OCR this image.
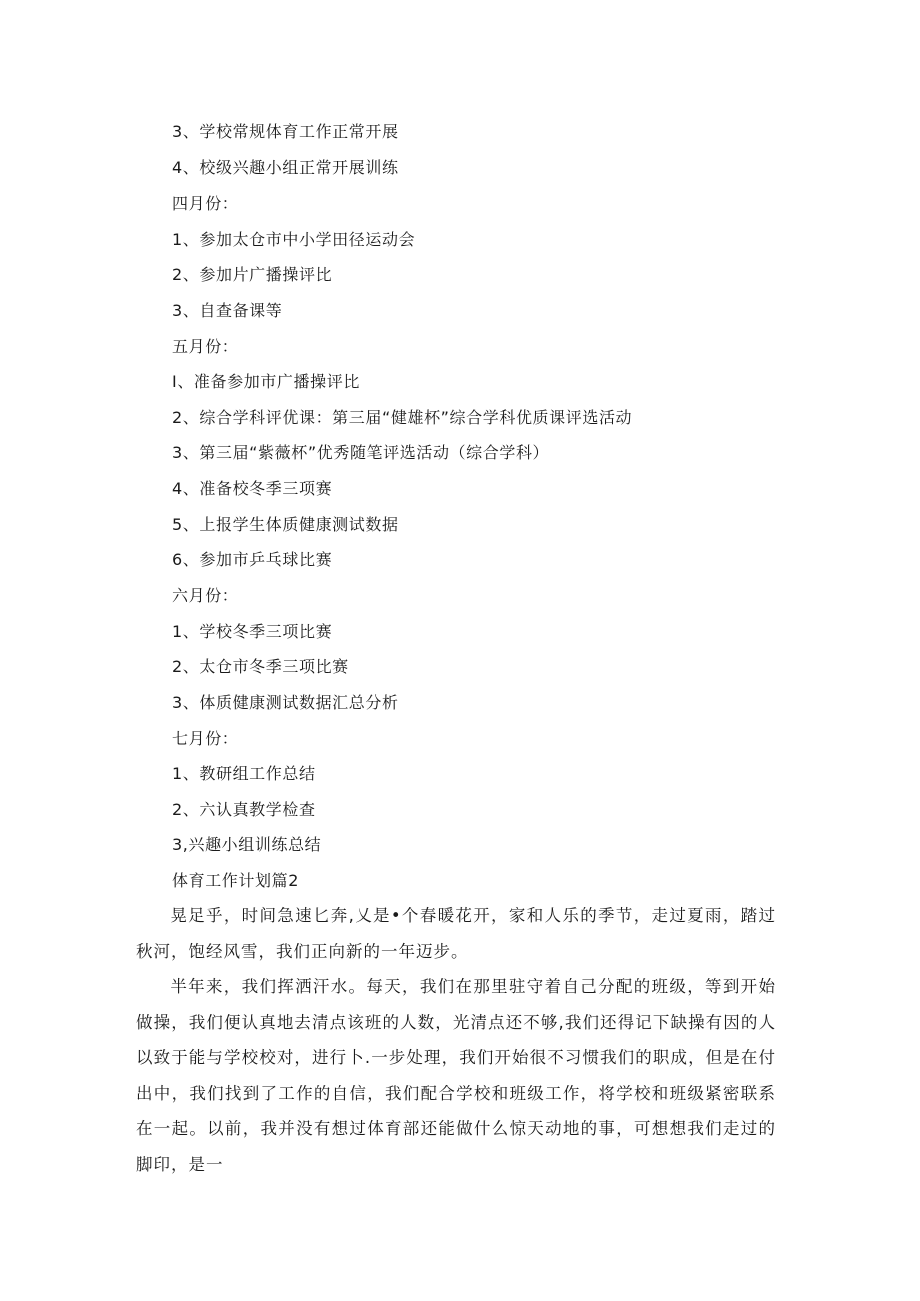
3、学校常规体育工作正常开展
4、校级兴趣小组正常开展训练
四月份：
1、参加太仓市中小学田径运动会
2、参加片广播操评比
3、自查备课等
五月份：
I、准备参加市广播操评比
2、综合学科评优课：第三届“健雄杯”综合学科优质课评选活动
3、第三届“紫薇杯”优秀随笔评选活动（综合学科）
4、准备校冬季三项赛
5、上报学生体质健康测试数据
6、参加市乒乓球比赛
六月份：
1、学校冬季三项比赛
2、太仓市冬季三项比赛
3、体质健康测试数据汇总分析
七月份：
1、教研组工作总结
2、六认真教学检查
3,兴趣小组训练总结
体育工作计划篇2

晃足乎，时间急速匕奔,乂是•个春暖花开，家和人乐的季节，走过夏雨，踏过秋河，饱经风雪，我们正向新的一年迈步。

半年来，我们挥洒汗水。每天，我们在那里驻守着自己分配的班级，等到开始做操，我们便认真地去清点该班的人数，光清点还不够,我们还得记下缺操有因的人以致于能与学校校对，进行卜.一步处理，我们开始很不习惯我们的职成，但是在付出中，我们找到了工作的自信，我们配合学校和班级工作，将学校和班级紧密联系在一起。以前，我并没有想过体育部还能做什么惊天动地的事，可想想我们走过的脚印，是一
